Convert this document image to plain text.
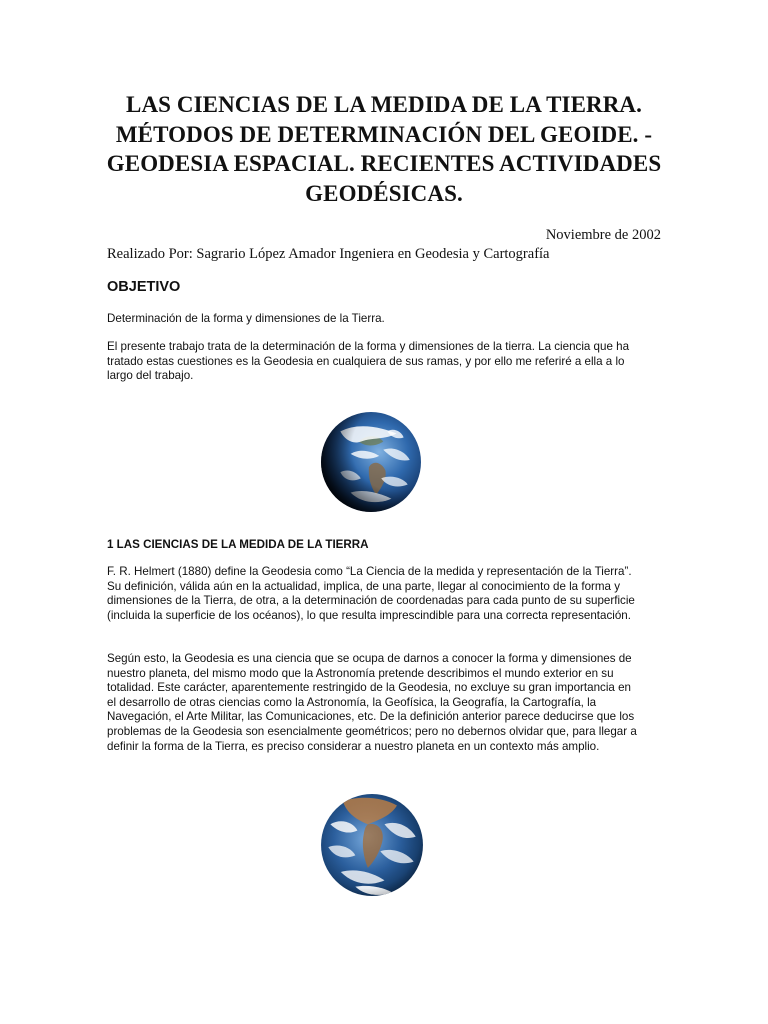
LAS CIENCIAS DE LA MEDIDA DE LA TIERRA. MÉTODOS DE DETERMINACIÓN DEL GEOIDE. - GEODESIA ESPACIAL. RECIENTES ACTIVIDADES GEODÉSICAS.
Noviembre de 2002
Realizado Por: Sagrario López Amador Ingeniera en Geodesia y Cartografía
OBJETIVO

Determinación de la forma y dimensiones de la Tierra.

El presente trabajo trata de la determinación de la forma y dimensiones de la tierra. La ciencia que ha tratado estas cuestiones es la Geodesia en cualquiera de sus ramas, y por ello me referiré a ella a lo largo del trabajo.

1 LAS CIENCIAS DE LA MEDIDA DE LA TIERRA

F. R. Helmert (1880) define la Geodesia como “La Ciencia de la medida y representación de la Tierra”. Su definición, válida aún en la actualidad, implica, de una parte, llegar al conocimiento de la forma y dimensiones de la Tierra, de otra, a la determinación de coordenadas para cada punto de su superficie (incluida la superficie de los océanos), lo que resulta imprescindible para una correcta representación.

Según esto, la Geodesia es una ciencia que se ocupa de darnos a conocer la forma y dimensiones de nuestro planeta, del mismo modo que la Astronomía pretende describimos el mundo exterior en su totalidad. Este carácter, aparentemente restringido de la Geodesia, no excluye su gran importancia en el desarrollo de otras ciencias como la Astronomía, la Geofísica, la Geografía, la Cartografía, la Navegación, el Arte Militar, las Comunicaciones, etc. De la definición anterior parece deducirse que los problemas de la Geodesia son esencialmente geométricos; pero no debernos olvidar que, para llegar a definir la forma de la Tierra, es preciso considerar a nuestro planeta en un contexto más amplio.
